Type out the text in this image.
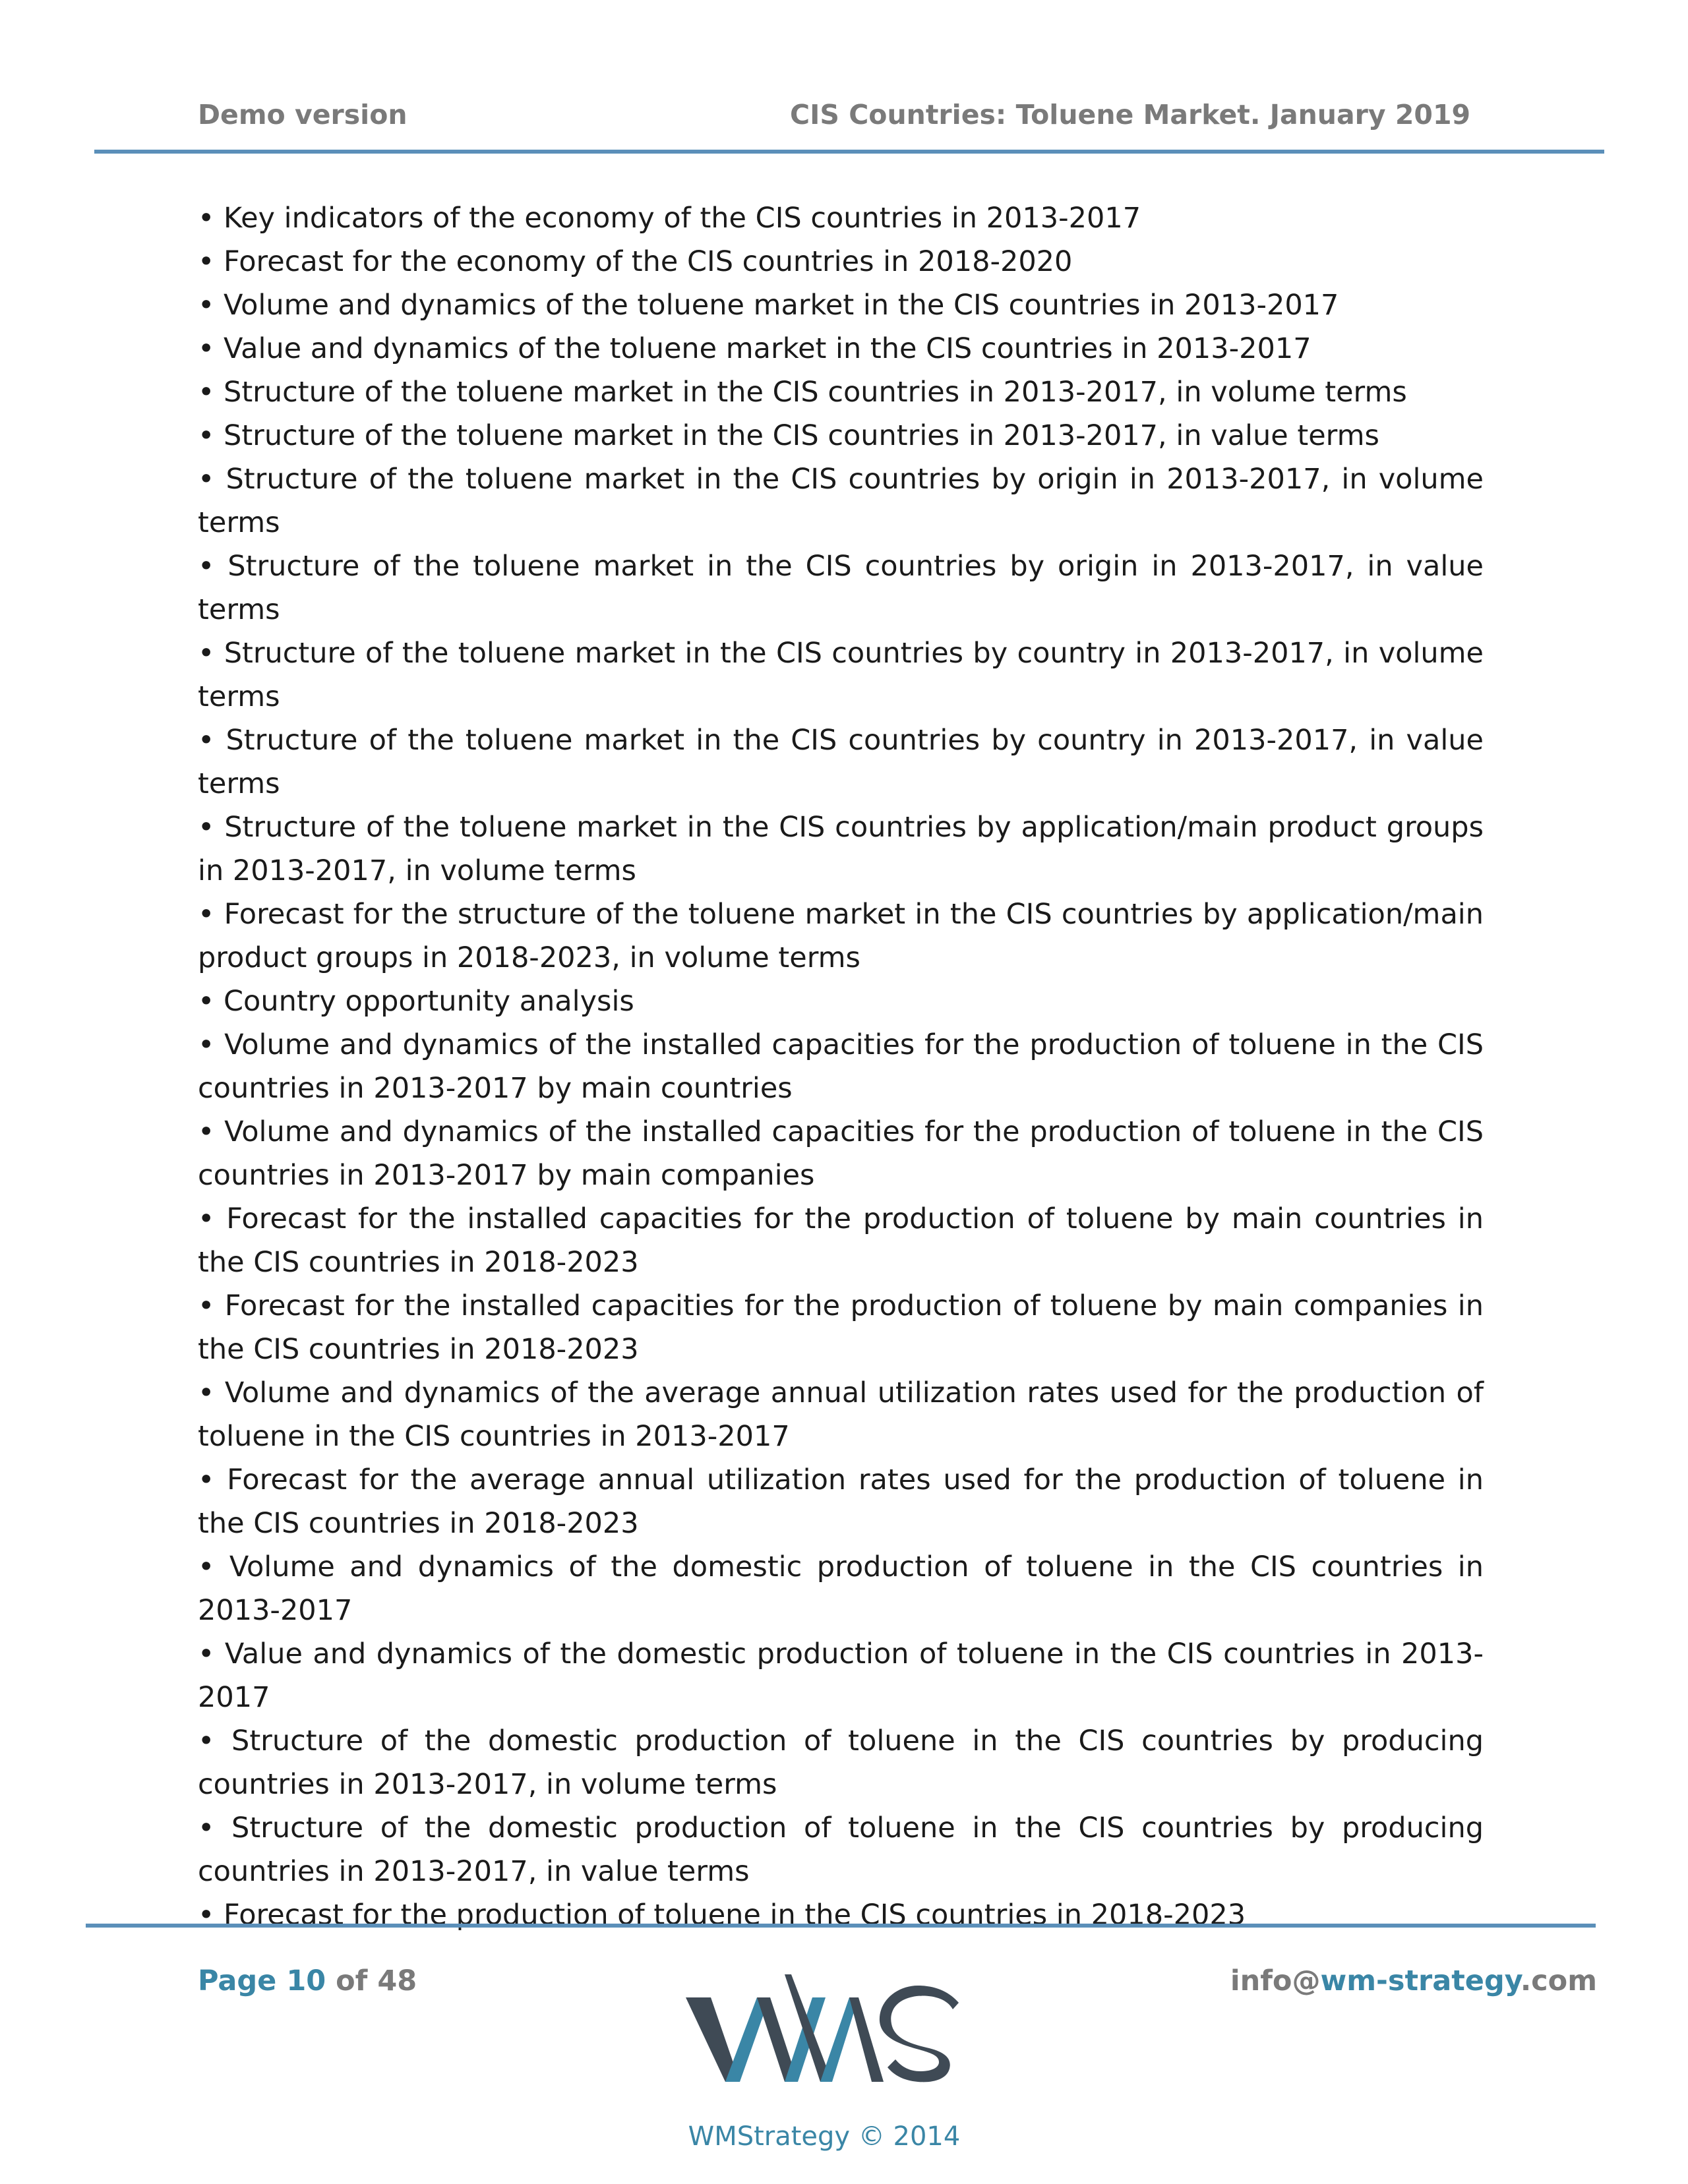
Demo version	CIS Countries: Toluene Market. January 2019

• Key indicators of the economy of the CIS countries in 2013-2017

• Forecast for the economy of the CIS countries in 2018-2020

• Volume and dynamics of the toluene market in the CIS countries in 2013-2017

• Value and dynamics of the toluene market in the CIS countries in 2013-2017

• Structure of the toluene market in the CIS countries in 2013-2017, in volume terms

• Structure of the toluene market in the CIS countries in 2013-2017, in value terms

• Structure of the toluene market in the CIS countries by origin in 2013-2017, in volume terms

• Structure of the toluene market in the CIS countries by origin in 2013-2017, in value terms

• Structure of the toluene market in the CIS countries by country in 2013-2017, in volume terms

• Structure of the toluene market in the CIS countries by country in 2013-2017, in value terms

• Structure of the toluene market in the CIS countries by application/main product groups in 2013-2017, in volume terms

• Forecast for the structure of the toluene market in the CIS countries by application/main product groups in 2018-2023, in volume terms

• Country opportunity analysis

• Volume and dynamics of the installed capacities for the production of toluene in the CIS countries in 2013-2017 by main countries

• Volume and dynamics of the installed capacities for the production of toluene in the CIS countries in 2013-2017 by main companies

• Forecast for the installed capacities for the production of toluene by main countries in the CIS countries in 2018-2023

• Forecast for the installed capacities for the production of toluene by main companies in the CIS countries in 2018-2023

• Volume and dynamics of the average annual utilization rates used for the production of toluene in the CIS countries in 2013-2017

• Forecast for the average annual utilization rates used for the production of toluene in the CIS countries in 2018-2023

• Volume and dynamics of the domestic production of toluene in the CIS countries in 2013-2017

• Value and dynamics of the domestic production of toluene in the CIS countries in 2013-2017

• Structure of the domestic production of toluene in the CIS countries by producing countries in 2013-2017, in volume terms

• Structure of the domestic production of toluene in the CIS countries by producing countries in 2013-2017, in value terms

• Forecast for the production of toluene in the CIS countries in 2018-2023

Page 10 of 48	info@wm-strategy.com
WMStrategy © 2014
